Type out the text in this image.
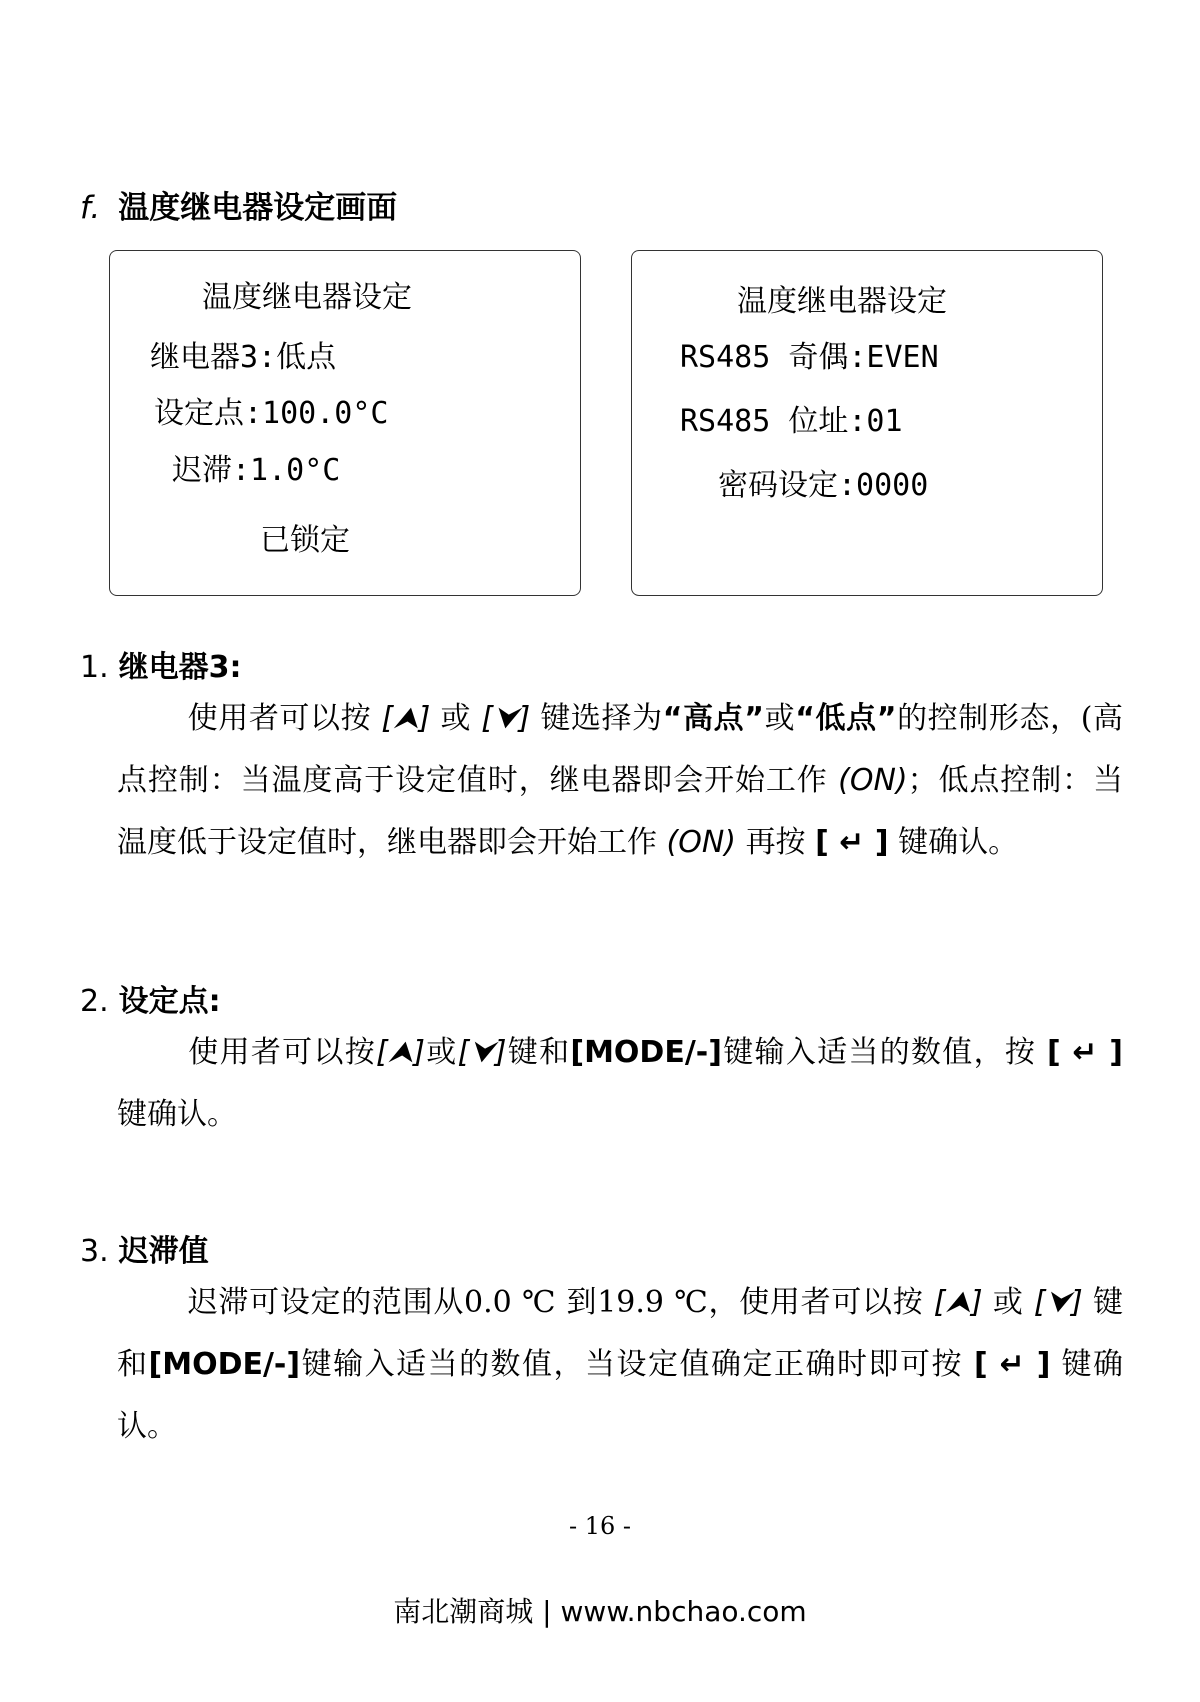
f. 温度继电器设定画面
温度继电器设定
继电器3:低点
设定点:100.0°C
迟滞:1.0°C
已锁定
温度继电器设定
RS485 奇偶:EVEN
RS485 位址:01
密码设定:0000
1. 继电器3:
使用者可以按 [⮝] 或 [⮟] 键选择为“高点”或“低点”的控制形态，(高点控制：当温度高于设定值时，继电器即会开始工作 (ON)；低点控制：当温度低于设定值时，继电器即会开始工作 (ON) 再按 [ ↵ ] 键确认。
2. 设定点:
使用者可以按[⮝]或[⮟]键和[MODE/-]键输入适当的数值，按 [ ↵ ] 键确认。
3. 迟滞值
迟滞可设定的范围从0.0 ℃ 到19.9 ℃，使用者可以按 [⮝] 或 [⮟] 键和[MODE/-]键输入适当的数值，当设定值确定正确时即可按 [ ↵ ] 键确认。
- 16 -
南北潮商城 | www.nbchao.com
